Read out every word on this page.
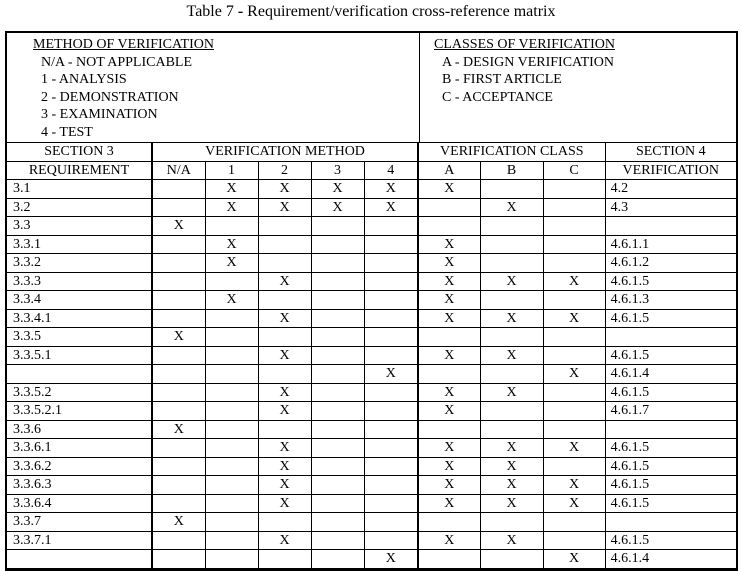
Table 7 - Requirement/verification cross-reference matrix
METHOD OF VERIFICATION
N/A - NOT APPLICABLE
1 - ANALYSIS
2 - DEMONSTRATION
3 - EXAMINATION
4 - TEST
CLASSES OF VERIFICATION
A - DESIGN VERIFICATION
B - FIRST ARTICLE
C - ACCEPTANCE
SECTION 3	VERIFICATION METHOD					VERIFICATION CLASS			SECTION 4
REQUIREMENT	N/A	1	2	3	4	A	B	C	VERIFICATION
3.1		X	X	X	X	X			4.2
3.2		X	X	X	X		X		4.3
3.3	X								
3.3.1		X				X			4.6.1.1
3.3.2		X				X			4.6.1.2
3.3.3			X			X	X	X	4.6.1.5
3.3.4		X				X			4.6.1.3
3.3.4.1			X			X	X	X	4.6.1.5
3.3.5	X								
3.3.5.1			X			X	X		4.6.1.5
					X			X	4.6.1.4
3.3.5.2			X			X	X		4.6.1.5
3.3.5.2.1			X			X			4.6.1.7
3.3.6	X								
3.3.6.1			X			X	X	X	4.6.1.5
3.3.6.2			X			X	X		4.6.1.5
3.3.6.3			X			X	X	X	4.6.1.5
3.3.6.4			X			X	X	X	4.6.1.5
3.3.7	X								
3.3.7.1			X			X	X		4.6.1.5
					X			X	4.6.1.4
